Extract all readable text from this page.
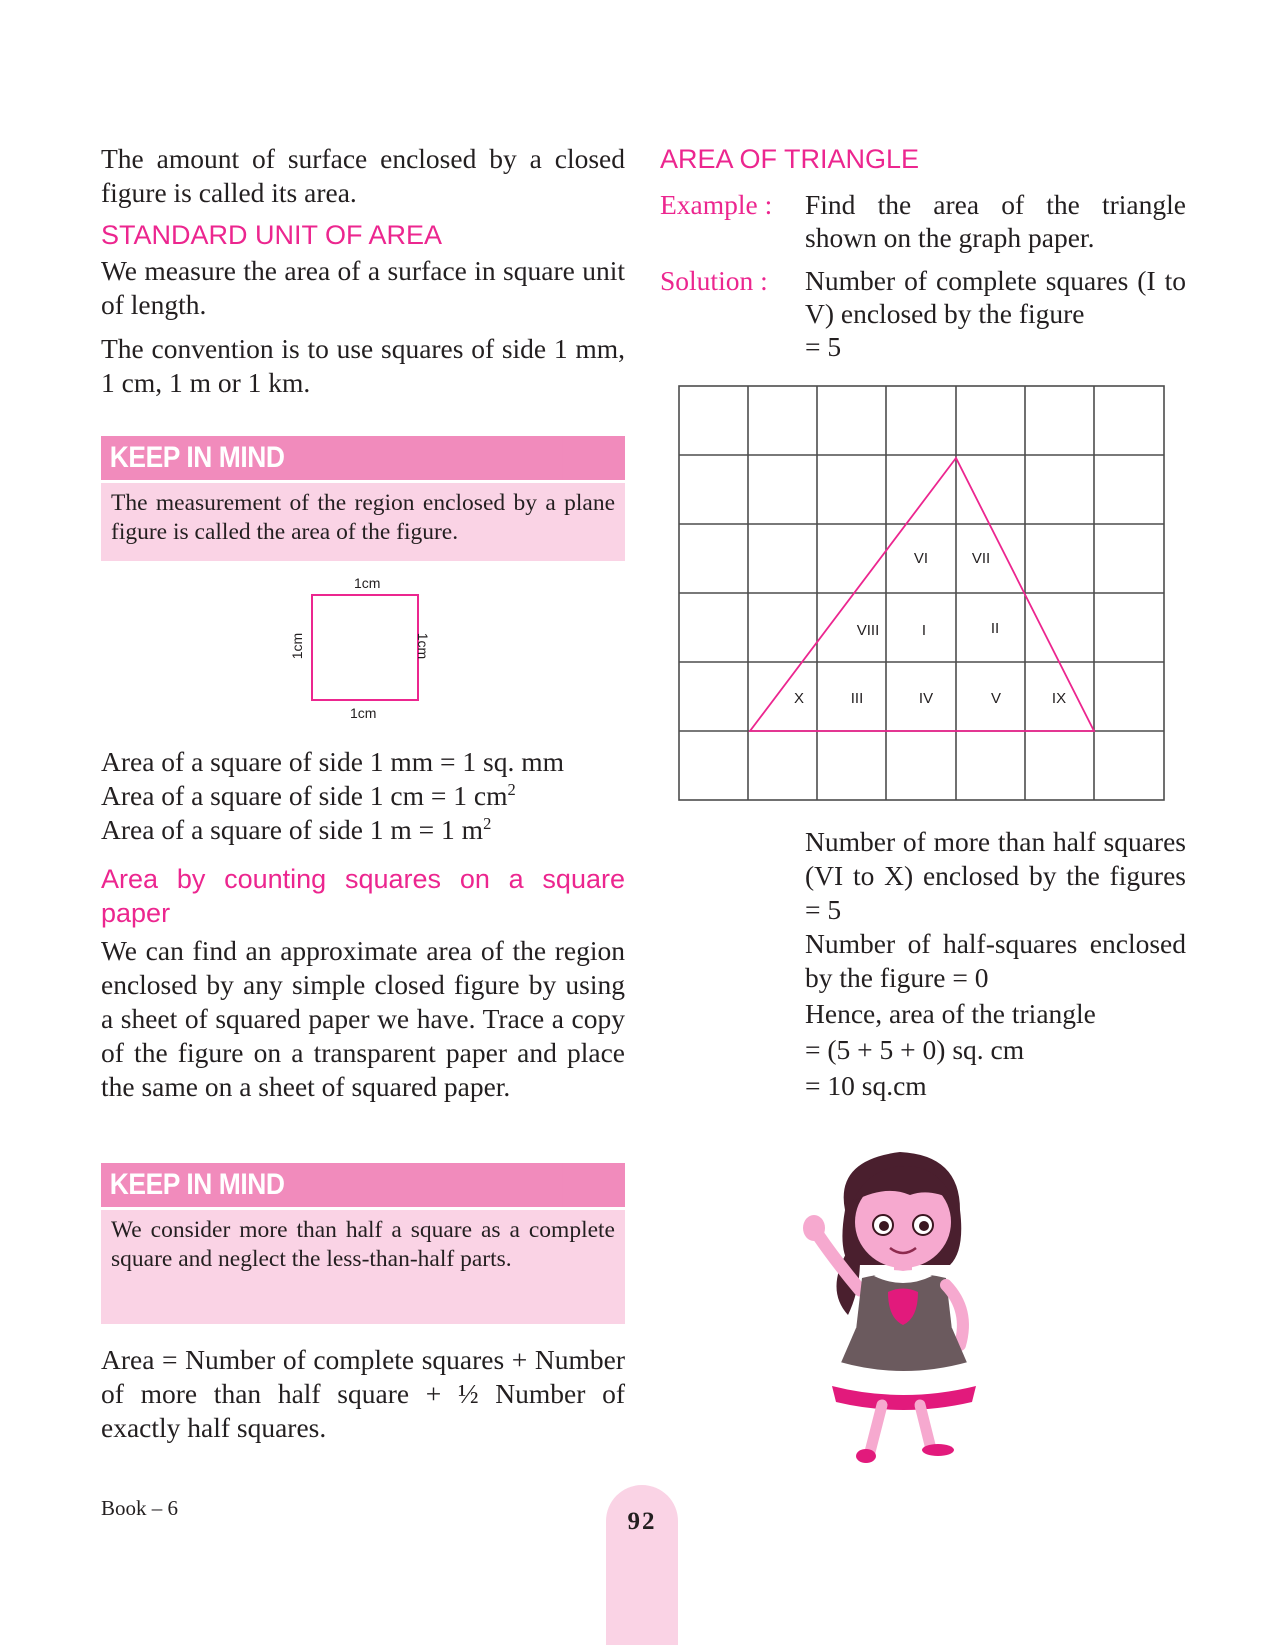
The amount of surface enclosed by a closed figure is called its area.

STANDARD UNIT OF AREA

We measure the area of a surface in square unit of length.

The convention is to use squares of side 1 mm, 1 cm, 1 m or 1 km.

KEEP IN MIND
The measurement of the region enclosed by a plane figure is called the area of the figure.
1cm
1cm
1cm	1cm

Area of a square of side 1 mm = 1 sq. mm

Area of a square of side 1 cm = 1 $cm^2$

Area of a square of side 1 m = 1 $m^2$

Area by counting squares on a square paper

We can find an approximate area of the region enclosed by any simple closed figure by using a sheet of squared paper we have. Trace a copy of the figure on a transparent paper and place the same on a sheet of squared paper.

KEEP IN MIND
We consider more than half a square as a complete square and neglect the less-than-half parts.

Area = Number of complete squares + Number of more than half square + ½ Number of exactly half squares.

AREA OF TRIANGLE

Example :	Find the area of the triangle shown on the graph paper.
Solution :	Number of complete squares (I to V) enclosed by the figure
= 5
VI	VII
VIII	I	II
X	III	IV	V	IX

Number of more than half squares (VI to X) enclosed by the figures = 5

Number of half-squares enclosed by the figure = 0

Hence, area of the triangle

= (5 + 5 + 0) sq. cm

= 10 sq.cm

Book – 6	92
